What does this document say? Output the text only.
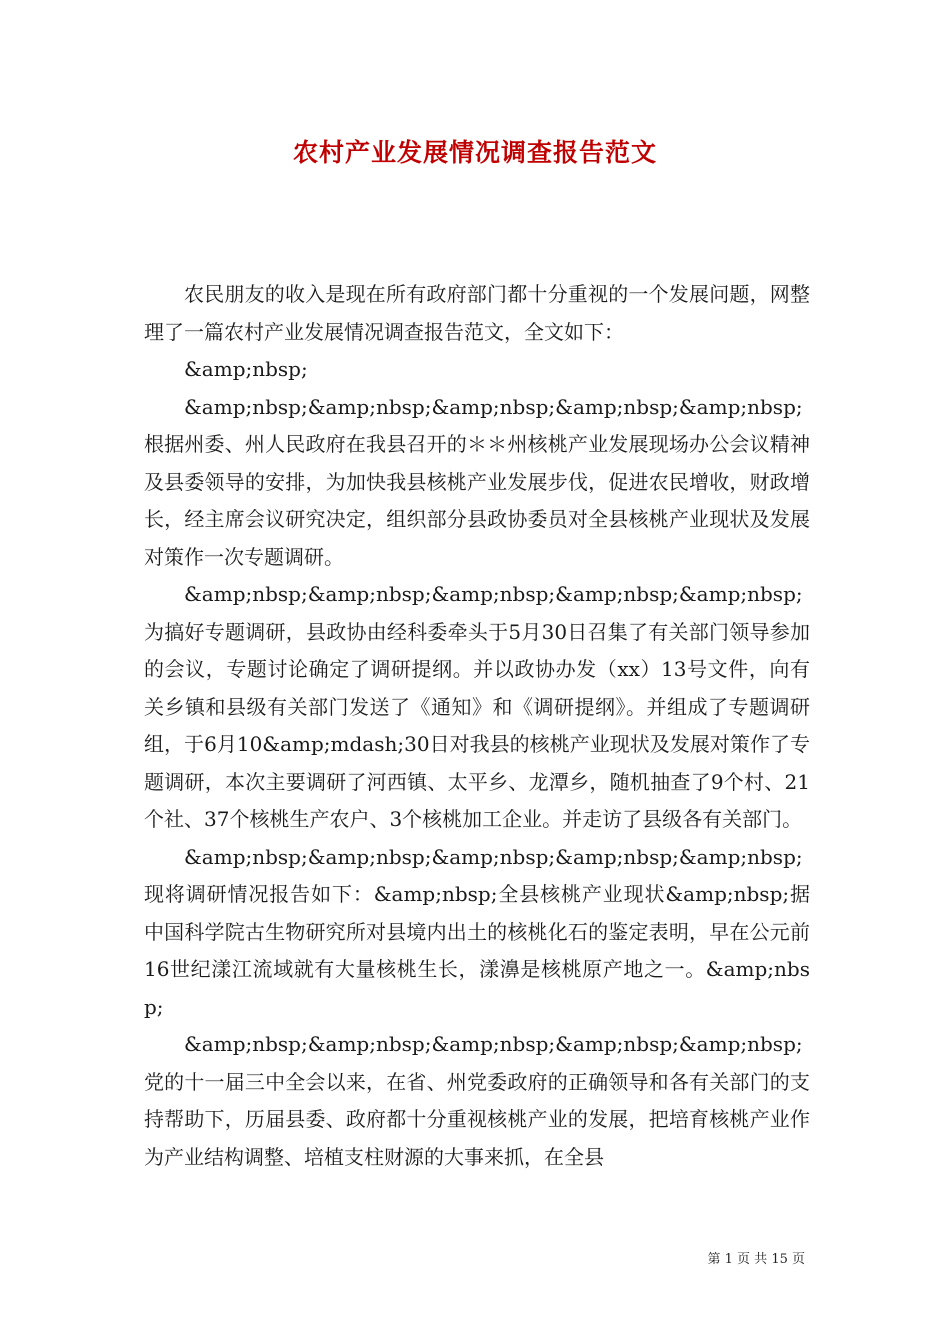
农村产业发展情况调查报告范文

农民朋友的收入是现在所有政府部门都十分重视的一个发展问题，网整理了一篇农村产业发展情况调查报告范文，全文如下：

&amp;nbsp;

&amp;nbsp;&amp;nbsp;&amp;nbsp;&amp;nbsp;&amp;nbsp;根据州委、州人民政府在我县召开的＊＊州核桃产业发展现场办公会议精神及县委领导的安排，为加快我县核桃产业发展步伐，促进农民增收，财政增长，经主席会议研究决定，组织部分县政协委员对全县核桃产业现状及发展对策作一次专题调研。

&amp;nbsp;&amp;nbsp;&amp;nbsp;&amp;nbsp;&amp;nbsp;为搞好专题调研，县政协由经科委牵头于5月30日召集了有关部门领导参加的会议，专题讨论确定了调研提纲。并以政协办发（xx）13号文件，向有关乡镇和县级有关部门发送了《通知》和《调研提纲》。并组成了专题调研组，于6月10&amp;mdash;30日对我县的核桃产业现状及发展对策作了专题调研，本次主要调研了河西镇、太平乡、龙潭乡，随机抽查了9个村、21个社、37个核桃生产农户、3个核桃加工企业。并走访了县级各有关部门。

&amp;nbsp;&amp;nbsp;&amp;nbsp;&amp;nbsp;&amp;nbsp;现将调研情况报告如下：&amp;nbsp;全县核桃产业现状&amp;nbsp;据中国科学院古生物研究所对县境内出土的核桃化石的鉴定表明，早在公元前16世纪漾江流域就有大量核桃生长，漾濞是核桃原产地之一。&amp;nbsp;

&amp;nbsp;&amp;nbsp;&amp;nbsp;&amp;nbsp;&amp;nbsp;党的十一届三中全会以来，在省、州党委政府的正确领导和各有关部门的支持帮助下，历届县委、政府都十分重视核桃产业的发展，把培育核桃产业作为产业结构调整、培植支柱财源的大事来抓，在全县

第 1 页 共 15 页
